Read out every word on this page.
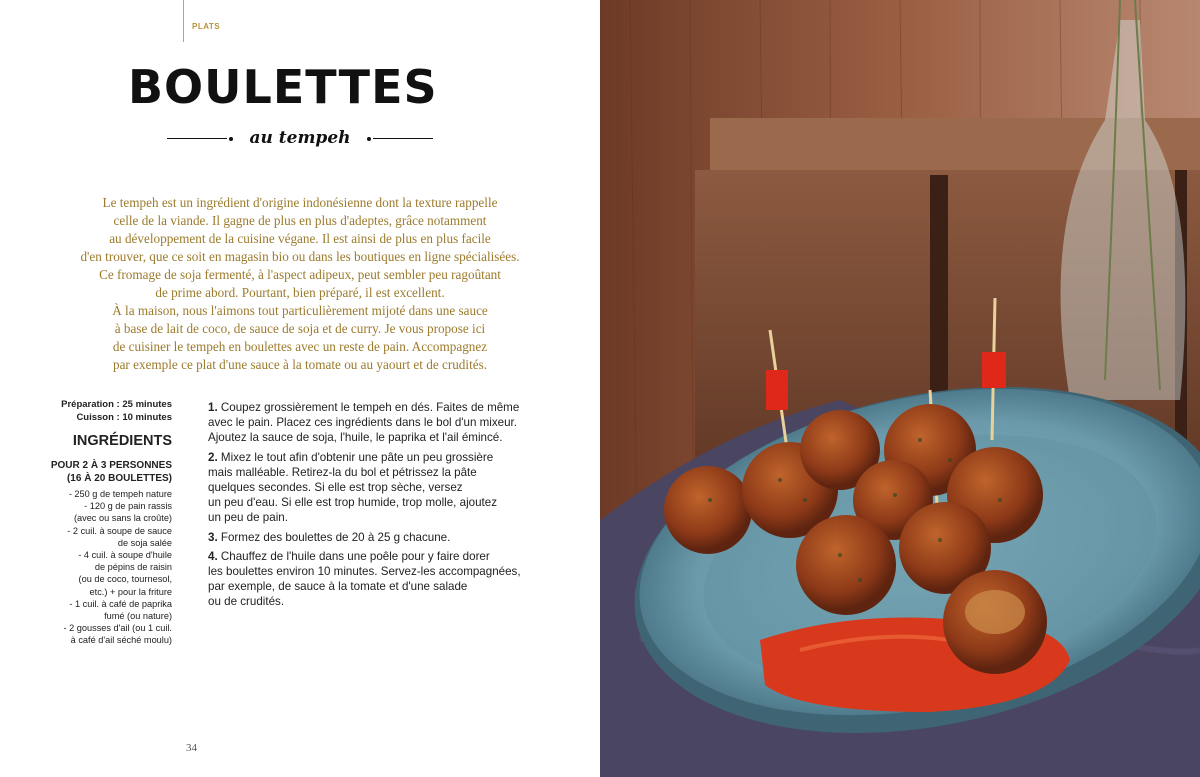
PLATS
BOULETTES
au tempeh
Le tempeh est un ingrédient d'origine indonésienne dont la texture rappelle
celle de la viande. Il gagne de plus en plus d'adeptes, grâce notamment
au développement de la cuisine végane. Il est ainsi de plus en plus facile
d'en trouver, que ce soit en magasin bio ou dans les boutiques en ligne spécialisées.
Ce fromage de soja fermenté, à l'aspect adipeux, peut sembler peu ragoûtant
de prime abord. Pourtant, bien préparé, il est excellent.
À la maison, nous l'aimons tout particulièrement mijoté dans une sauce
à base de lait de coco, de sauce de soja et de curry. Je vous propose ici
de cuisiner le tempeh en boulettes avec un reste de pain. Accompagnez
par exemple ce plat d'une sauce à la tomate ou au yaourt et de crudités.
Préparation : 25 minutes
Cuisson : 10 minutes
INGRÉDIENTS
POUR 2 À 3 PERSONNES
(16 À 20 BOULETTES)
- 250 g de tempeh nature
- 120 g de pain rassis
(avec ou sans la croûte)
- 2 cuil. à soupe de sauce
de soja salée
- 4 cuil. à soupe d'huile
de pépins de raisin
(ou de coco, tournesol,
etc.) + pour la friture
- 1 cuil. à café de paprika
fumé (ou nature)
- 2 gousses d'ail (ou 1 cuil.
à café d'ail séché moulu)
1. Coupez grossièrement le tempeh en dés. Faites de même
avec le pain. Placez ces ingrédients dans le bol d'un mixeur.
Ajoutez la sauce de soja, l'huile, le paprika et l'ail émincé.
2. Mixez le tout afin d'obtenir une pâte un peu grossière
mais malléable. Retirez-la du bol et pétrissez la pâte
quelques secondes. Si elle est trop sèche, versez
un peu d'eau. Si elle est trop humide, trop molle, ajoutez
un peu de pain.
3. Formez des boulettes de 20 à 25 g chacune.
4. Chauffez de l'huile dans une poêle pour y faire dorer
les boulettes environ 10 minutes. Servez-les accompagnées,
par exemple, de sauce à la tomate et d'une salade
ou de crudités.
34
